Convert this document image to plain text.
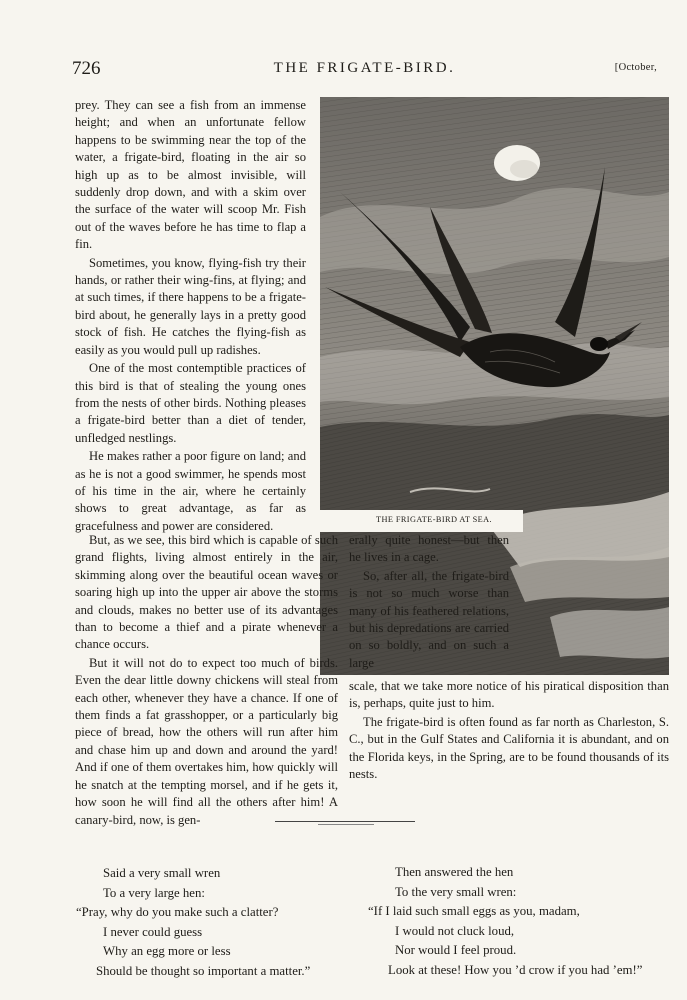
726	THE FRIGATE-BIRD.	[October,

prey. They can see a fish from an immense height; and when an unfortunate fellow happens to be swimming near the top of the water, a frigate-bird, floating in the air so high up as to be almost invisible, will suddenly drop down, and with a skim over the surface of the water will scoop Mr. Fish out of the waves before he has time to flap a fin.

Sometimes, you know, flying-fish try their hands, or rather their wing-fins, at flying; and at such times, if there happens to be a frigate-bird about, he generally lays in a pretty good stock of fish. He catches the flying-fish as easily as you would pull up radishes.

One of the most contemptible practices of this bird is that of stealing the young ones from the nests of other birds. Nothing pleases a frigate-bird better than a diet of tender, unfledged nestlings.

He makes rather a poor figure on land; and as he is not a good swimmer, he spends most of his time in the air, where he certainly shows to great advantage, as far as gracefulness and power are considered.	THE FRIGATE-BIRD AT SEA.

But, as we see, this bird which is capable of such grand flights, living almost entirely in the air, skimming along over the beautiful ocean waves or soaring high up into the upper air above the storms and clouds, makes no better use of its advantages than to become a thief and a pirate whenever a chance occurs.

But it will not do to expect too much of birds. Even the dear little downy chickens will steal from each other, whenever they have a chance. If one of them finds a fat grasshopper, or a particularly big piece of bread, how the others will run after him and chase him up and down and around the yard! And if one of them overtakes him, how quickly will he snatch at the tempting morsel, and if he gets it, how soon he will find all the others after him! A canary-bird, now, is gen-

erally quite honest—but then he lives in a cage.

So, after all, the frigate-bird is not so much worse than many of his feathered relations, but his depredations are carried on so boldly, and on such a large

scale, that we take more notice of his piratical disposition than is, perhaps, quite just to him.

The frigate-bird is often found as far north as Charleston, S. C., but in the Gulf States and California it is abundant, and on the Florida keys, in the Spring, are to be found thousands of its nests.

Said a very small wren
To a very large hen:
“Pray, why do you make such a clatter?
I never could guess
Why an egg more or less
Should be thought so important a matter.”
Then answered the hen
To the very small wren:
“If I laid such small eggs as you, madam,
I would not cluck loud,
Nor would I feel proud.
Look at these! How you ’d crow if you had ’em!”
